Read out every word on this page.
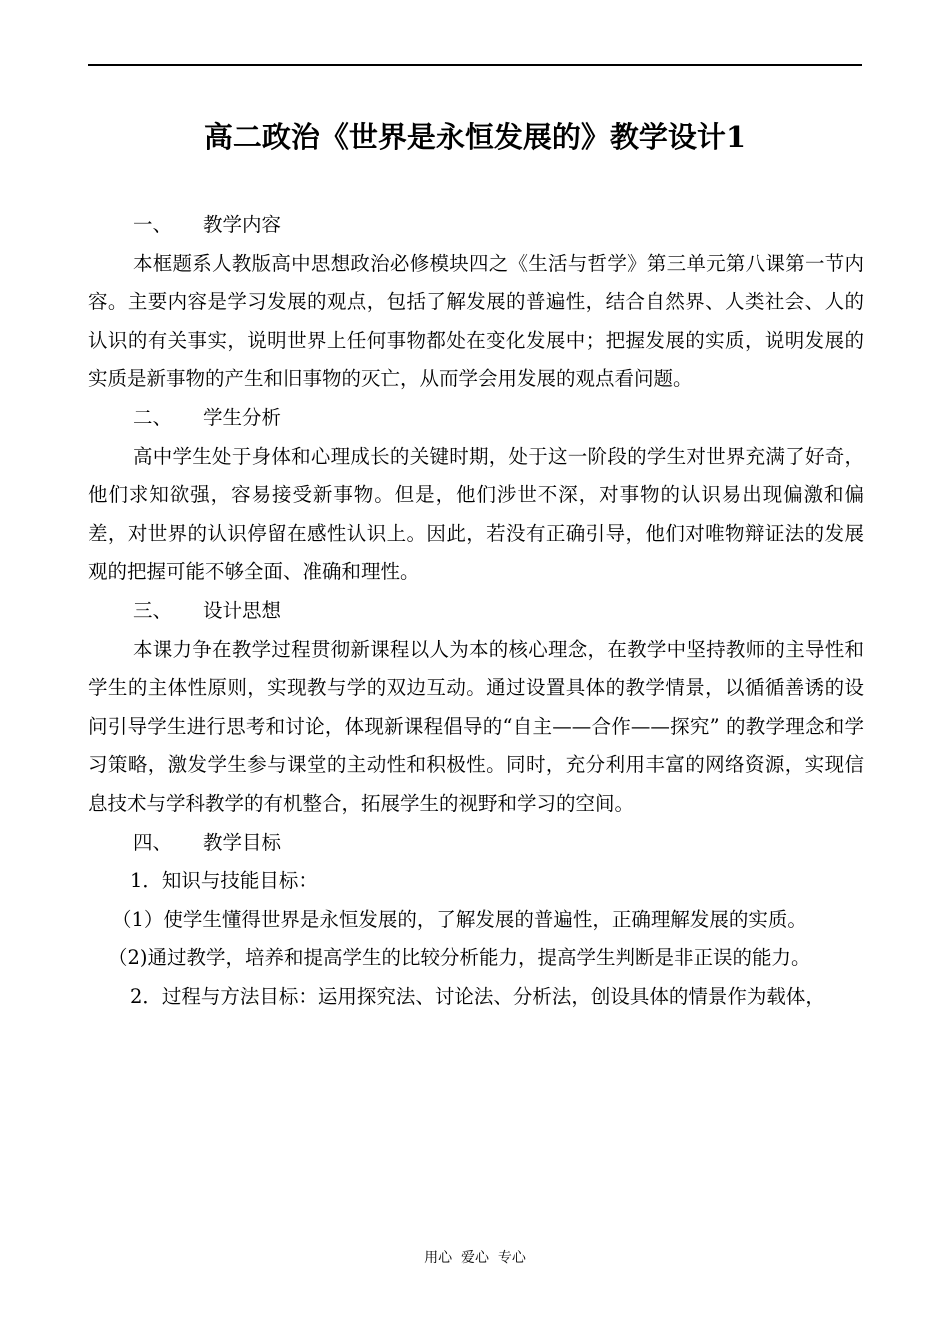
高二政治《世界是永恒发展的》教学设计1
一、 教学内容

本框题系人教版高中思想政治必修模块四之《生活与哲学》第三单元第八课第一节内容。主要内容是学习发展的观点，包括了解发展的普遍性，结合自然界、人类社会、人的认识的有关事实，说明世界上任何事物都处在变化发展中；把握发展的实质，说明发展的实质是新事物的产生和旧事物的灭亡，从而学会用发展的观点看问题。

二、 学生分析

高中学生处于身体和心理成长的关键时期，处于这一阶段的学生对世界充满了好奇，他们求知欲强，容易接受新事物。但是，他们涉世不深，对事物的认识易出现偏激和偏差，对世界的认识停留在感性认识上。因此，若没有正确引导，他们对唯物辩证法的发展观的把握可能不够全面、准确和理性。

三、 设计思想

本课力争在教学过程贯彻新课程以人为本的核心理念，在教学中坚持教师的主导性和学生的主体性原则，实现教与学的双边互动。通过设置具体的教学情景，以循循善诱的设问引导学生进行思考和讨论，体现新课程倡导的“自主——合作——探究” 的教学理念和学习策略，激发学生参与课堂的主动性和积极性。同时，充分利用丰富的网络资源，实现信息技术与学科教学的有机整合，拓展学生的视野和学习的空间。

四、 教学目标

1．知识与技能目标：

（1）使学生懂得世界是永恒发展的，了解发展的普遍性，正确理解发展的实质。

（2)通过教学，培养和提高学生的比较分析能力，提高学生判断是非正误的能力。

2．过程与方法目标：运用探究法、讨论法、分析法，创设具体的情景作为载体，

用心  爱心  专心
